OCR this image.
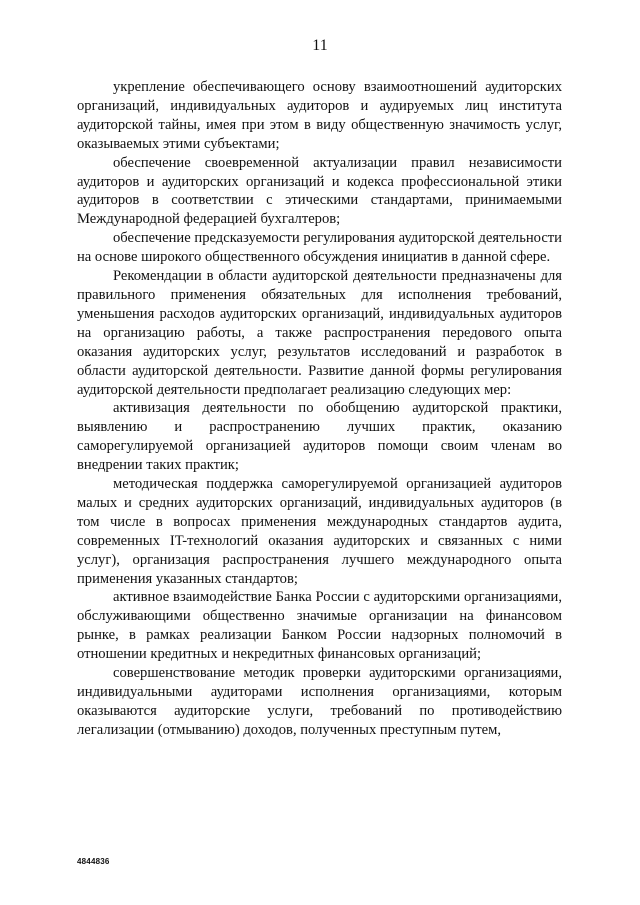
11

укрепление обеспечивающего основу взаимоотношений аудиторских организаций, индивидуальных аудиторов и аудируемых лиц института аудиторской тайны, имея при этом в виду общественную значимость услуг, оказываемых этими субъектами;

обеспечение своевременной актуализации правил независимости аудиторов и аудиторских организаций и кодекса профессиональной этики аудиторов в соответствии с этическими стандартами, принимаемыми Международной федерацией бухгалтеров;

обеспечение предсказуемости регулирования аудиторской деятельности на основе широкого общественного обсуждения инициатив в данной сфере.

Рекомендации в области аудиторской деятельности предназначены для правильного применения обязательных для исполнения требований, уменьшения расходов аудиторских организаций, индивидуальных аудиторов на организацию работы, а также распространения передового опыта оказания аудиторских услуг, результатов исследований и разработок в области аудиторской деятельности. Развитие данной формы регулирования аудиторской деятельности предполагает реализацию следующих мер:

активизация деятельности по обобщению аудиторской практики, выявлению и распространению лучших практик, оказанию саморегулируемой организацией аудиторов помощи своим членам во внедрении таких практик;

методическая поддержка саморегулируемой организацией аудиторов малых и средних аудиторских организаций, индивидуальных аудиторов (в том числе в вопросах применения международных стандартов аудита, современных IT-технологий оказания аудиторских и связанных с ними услуг), организация распространения лучшего международного опыта применения указанных стандартов;

активное взаимодействие Банка России с аудиторскими организациями, обслуживающими общественно значимые организации на финансовом рынке, в рамках реализации Банком России надзорных полномочий в отношении кредитных и некредитных финансовых организаций;

совершенствование методик проверки аудиторскими организациями, индивидуальными аудиторами исполнения организациями, которым оказываются аудиторские услуги, требований по противодействию легализации (отмыванию) доходов, полученных преступным путем,

4844836
